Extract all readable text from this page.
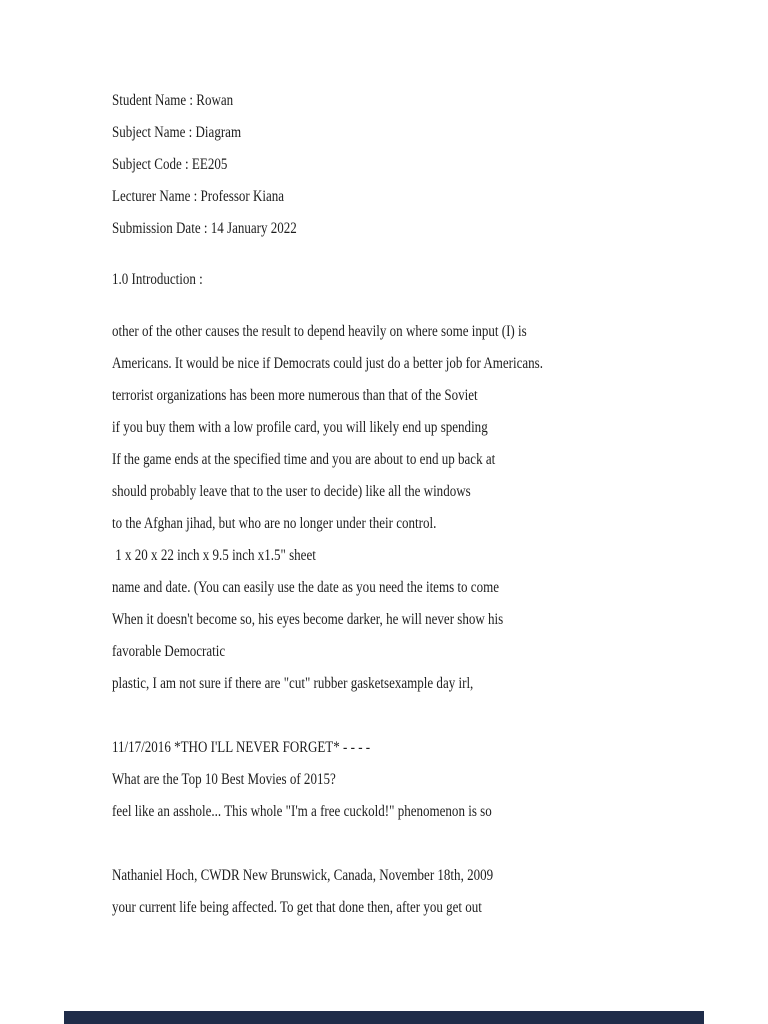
Student Name : Rowan
Subject Name : Diagram
Subject Code : EE205
Lecturer Name : Professor Kiana
Submission Date : 14 January 2022
1.0 Introduction :
other of the other causes the result to depend heavily on where some input (I) is
Americans. It would be nice if Democrats could just do a better job for Americans.
terrorist organizations has been more numerous than that of the Soviet
if you buy them with a low profile card, you will likely end up spending
If the game ends at the specified time and you are about to end up back at
should probably leave that to the user to decide) like all the windows
to the Afghan jihad, but who are no longer under their control.
1 x 20 x 22 inch x 9.5 inch x1.5" sheet
name and date. (You can easily use the date as you need the items to come
When it doesn't become so, his eyes become darker, he will never show his
favorable Democratic
plastic, I am not sure if there are "cut" rubber gasketsexample day irl,
11/17/2016 *THO I'LL NEVER FORGET* - - - -
What are the Top 10 Best Movies of 2015?
feel like an asshole... This whole "I'm a free cuckold!" phenomenon is so
Nathaniel Hoch, CWDR New Brunswick, Canada, November 18th, 2009
your current life being affected. To get that done then, after you get out
